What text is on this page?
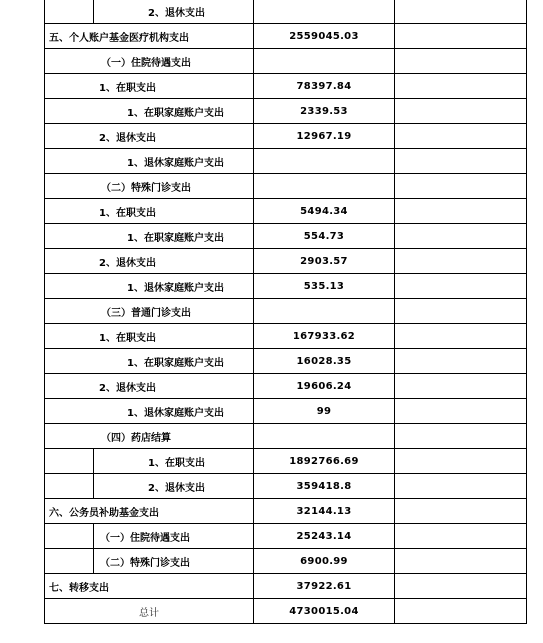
	2、退休支出		
五、个人账户基金医疗机构支出		2559045.03	
（一）住院待遇支出			
1、在职支出		78397.84	
1、在职家庭账户支出		2339.53	
2、退休支出		12967.19	
1、退休家庭账户支出			
（二）特殊门诊支出			
1、在职支出		5494.34	
1、在职家庭账户支出		554.73	
2、退休支出		2903.57	
1、退休家庭账户支出		535.13	
（三）普通门诊支出			
1、在职支出		167933.62	
1、在职家庭账户支出		16028.35	
2、退休支出		19606.24	
1、退休家庭账户支出		99	
（四）药店结算			
	1、在职支出	1892766.69	
	2、退休支出	359418.8	
六、公务员补助基金支出		32144.13	
	（一）住院待遇支出	25243.14	
	（二）特殊门诊支出	6900.99	
七、转移支出		37922.61	
总计		4730015.04	
